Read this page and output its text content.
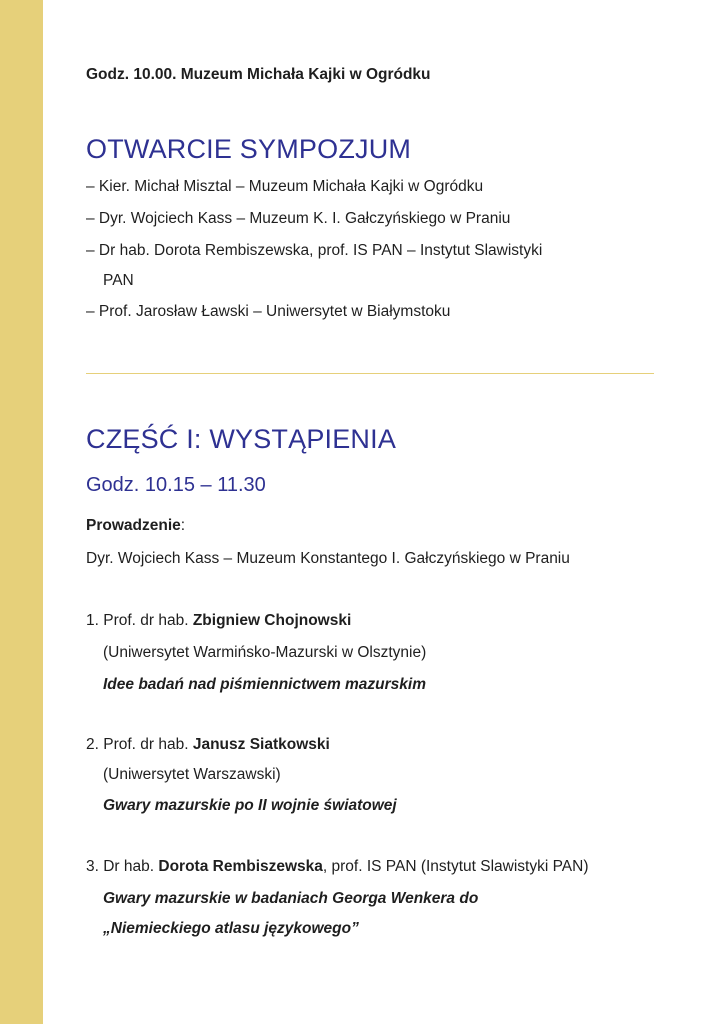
Godz. 10.00. Muzeum Michała Kajki w Ogródku
OTWARCIE SYMPOZJUM
– Kier. Michał Misztal – Muzeum Michała Kajki w Ogródku
– Dyr. Wojciech Kass – Muzeum K. I. Gałczyńskiego w Praniu
– Dr hab. Dorota Rembiszewska, prof. IS PAN – Instytut Slawistyki
PAN
– Prof. Jarosław Ławski – Uniwersytet w Białymstoku
CZĘŚĆ I: WYSTĄPIENIA
Godz. 10.15 – 11.30
Prowadzenie:
Dyr. Wojciech Kass – Muzeum Konstantego I. Gałczyńskiego w Praniu
1. Prof. dr hab. Zbigniew Chojnowski
(Uniwersytet Warmińsko-Mazurski w Olsztynie)
Idee badań nad piśmiennictwem mazurskim
2. Prof. dr hab. Janusz Siatkowski
(Uniwersytet Warszawski)
Gwary mazurskie po II wojnie światowej
3. Dr hab. Dorota Rembiszewska, prof. IS PAN (Instytut Slawistyki PAN)
Gwary mazurskie w badaniach Georga Wenkera do
„Niemieckiego atlasu językowego”
